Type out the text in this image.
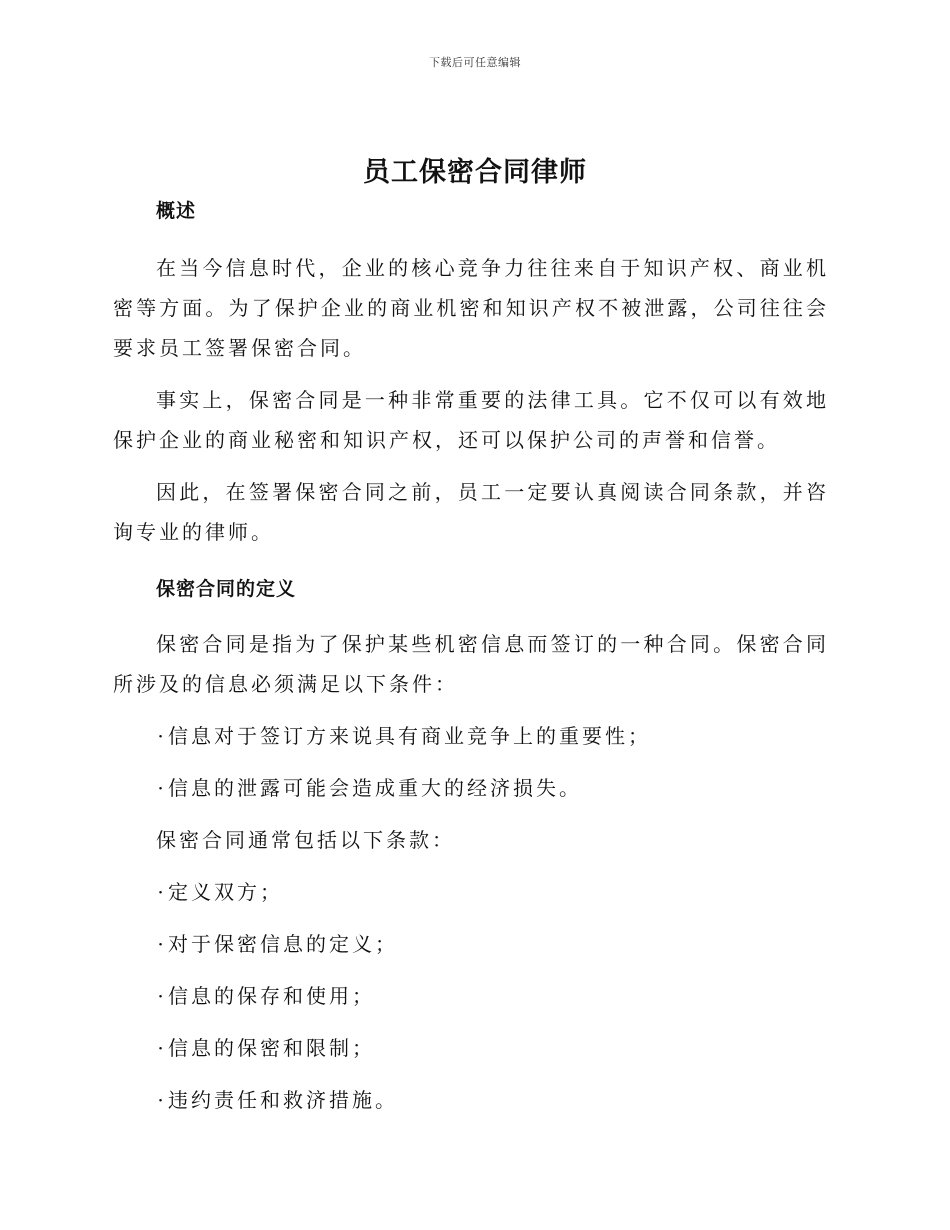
下载后可任意编辑
员工保密合同律师
概述

在当今信息时代，企业的核心竞争力往往来自于知识产权、商业机密等方面。为了保护企业的商业机密和知识产权不被泄露，公司往往会要求员工签署保密合同。

事实上，保密合同是一种非常重要的法律工具。它不仅可以有效地保护企业的商业秘密和知识产权，还可以保护公司的声誉和信誉。

因此，在签署保密合同之前，员工一定要认真阅读合同条款，并咨询专业的律师。

保密合同的定义

保密合同是指为了保护某些机密信息而签订的一种合同。保密合同所涉及的信息必须满足以下条件：

·信息对于签订方来说具有商业竞争上的重要性；
·信息的泄露可能会造成重大的经济损失。

保密合同通常包括以下条款：

·定义双方；
·对于保密信息的定义；
·信息的保存和使用；
·信息的保密和限制；
·违约责任和救济措施。
